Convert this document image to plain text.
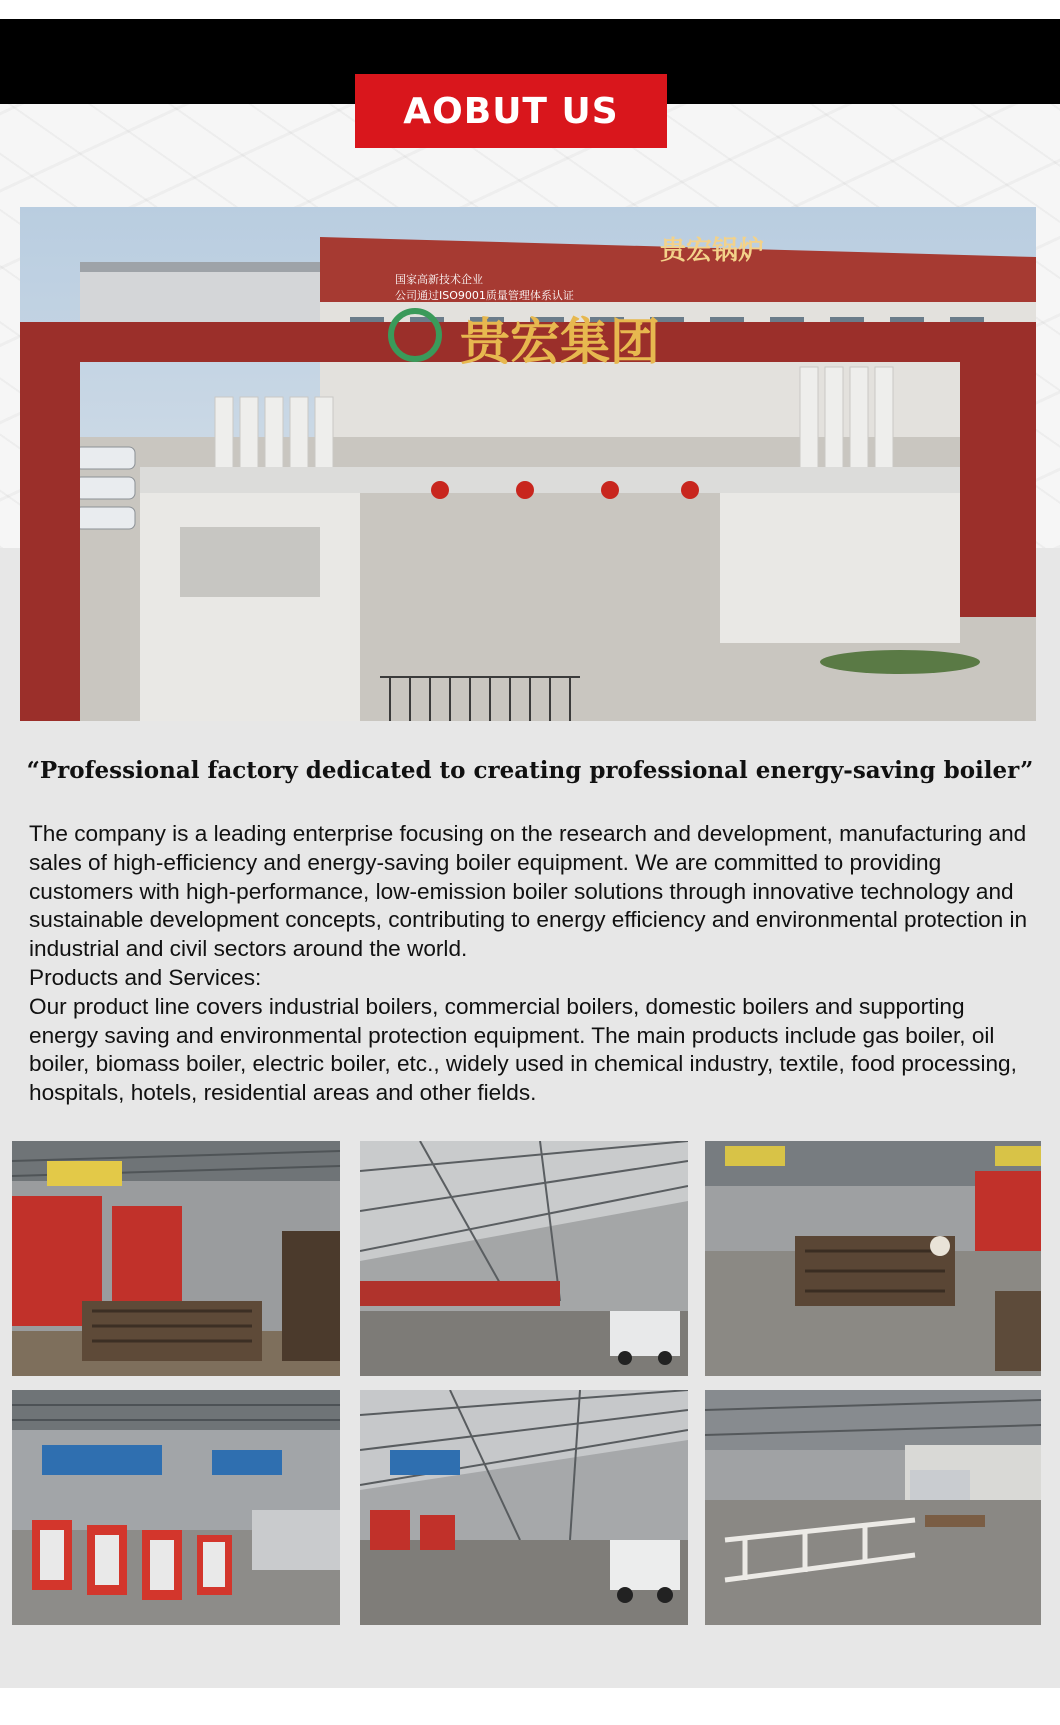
AOBUT US
贵宏锅炉
国家高新技术企业
公司通过ISO9001质量管理体系认证
贵宏集团
“Professional factory dedicated to creating professional energy-saving boiler”

The company is a leading enterprise focusing on the research and development, manufacturing and sales of high-efficiency and energy-saving boiler equipment. We are committed to providing customers with high-performance, low-emission boiler solutions through innovative technology and sustainable development concepts, contributing to energy efficiency and environmental protection in industrial and civil sectors around the world.

Products and Services:

Our product line covers industrial boilers, commercial boilers, domestic boilers and supporting energy saving and environmental protection equipment. The main products include gas boiler, oil boiler, biomass boiler, electric boiler, etc., widely used in chemical industry, textile, food processing, hospitals, hotels, residential areas and other fields.
